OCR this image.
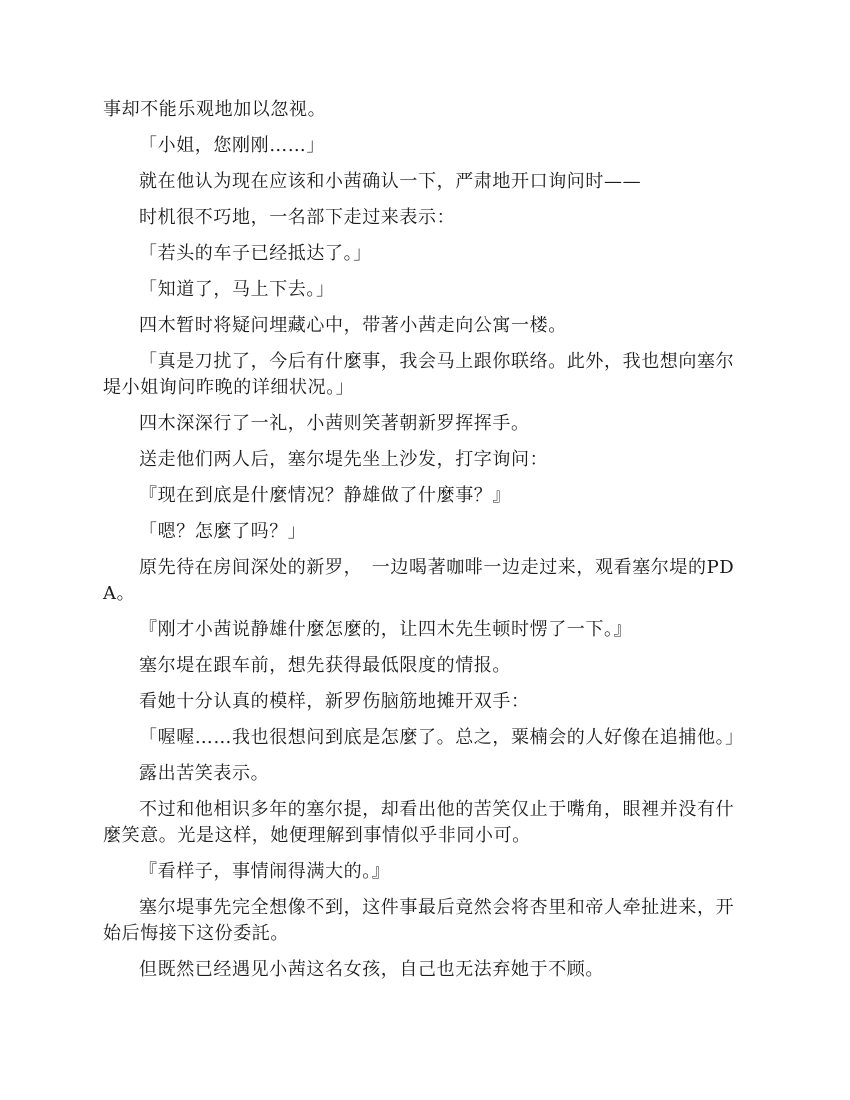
事却不能乐观地加以忽视。

「小姐，您刚刚……」

就在他认为现在应该和小茜确认一下，严肃地开口询问时——

时机很不巧地，一名部下走过来表示：

「若头的车子已经抵达了。」

「知道了，马上下去。」

四木暂时将疑问埋藏心中，带著小茜走向公寓一楼。

「真是刀扰了，今后有什麼事，我会马上跟你联络。此外，我也想向塞尔堤小姐询问昨晚的详细状况。」

四木深深行了一礼，小茜则笑著朝新罗挥挥手。

送走他们两人后，塞尔堤先坐上沙发，打字询问：

『现在到底是什麼情况？静雄做了什麼事？』

「嗯？怎麼了吗？」

原先待在房间深处的新罗，　一边喝著咖啡一边走过来，观看塞尔堤的PDA。

『刚才小茜说静雄什麼怎麼的，让四木先生顿时愣了一下。』

塞尔堤在跟车前，想先获得最低限度的情报。

看她十分认真的模样，新罗伤脑筋地摊开双手：

「喔喔……我也很想问到底是怎麼了。总之，粟楠会的人好像在追捕他。」

露出苦笑表示。

不过和他相识多年的塞尔提，却看出他的苦笑仅止于嘴角，眼裡并没有什麼笑意。光是这样，她便理解到事情似乎非同小可。

『看样子，事情闹得满大的。』

塞尔堤事先完全想像不到，这件事最后竟然会将杏里和帝人牵扯进来，开始后悔接下这份委託。

但既然已经遇见小茜这名女孩，自己也无法弃她于不顾。
